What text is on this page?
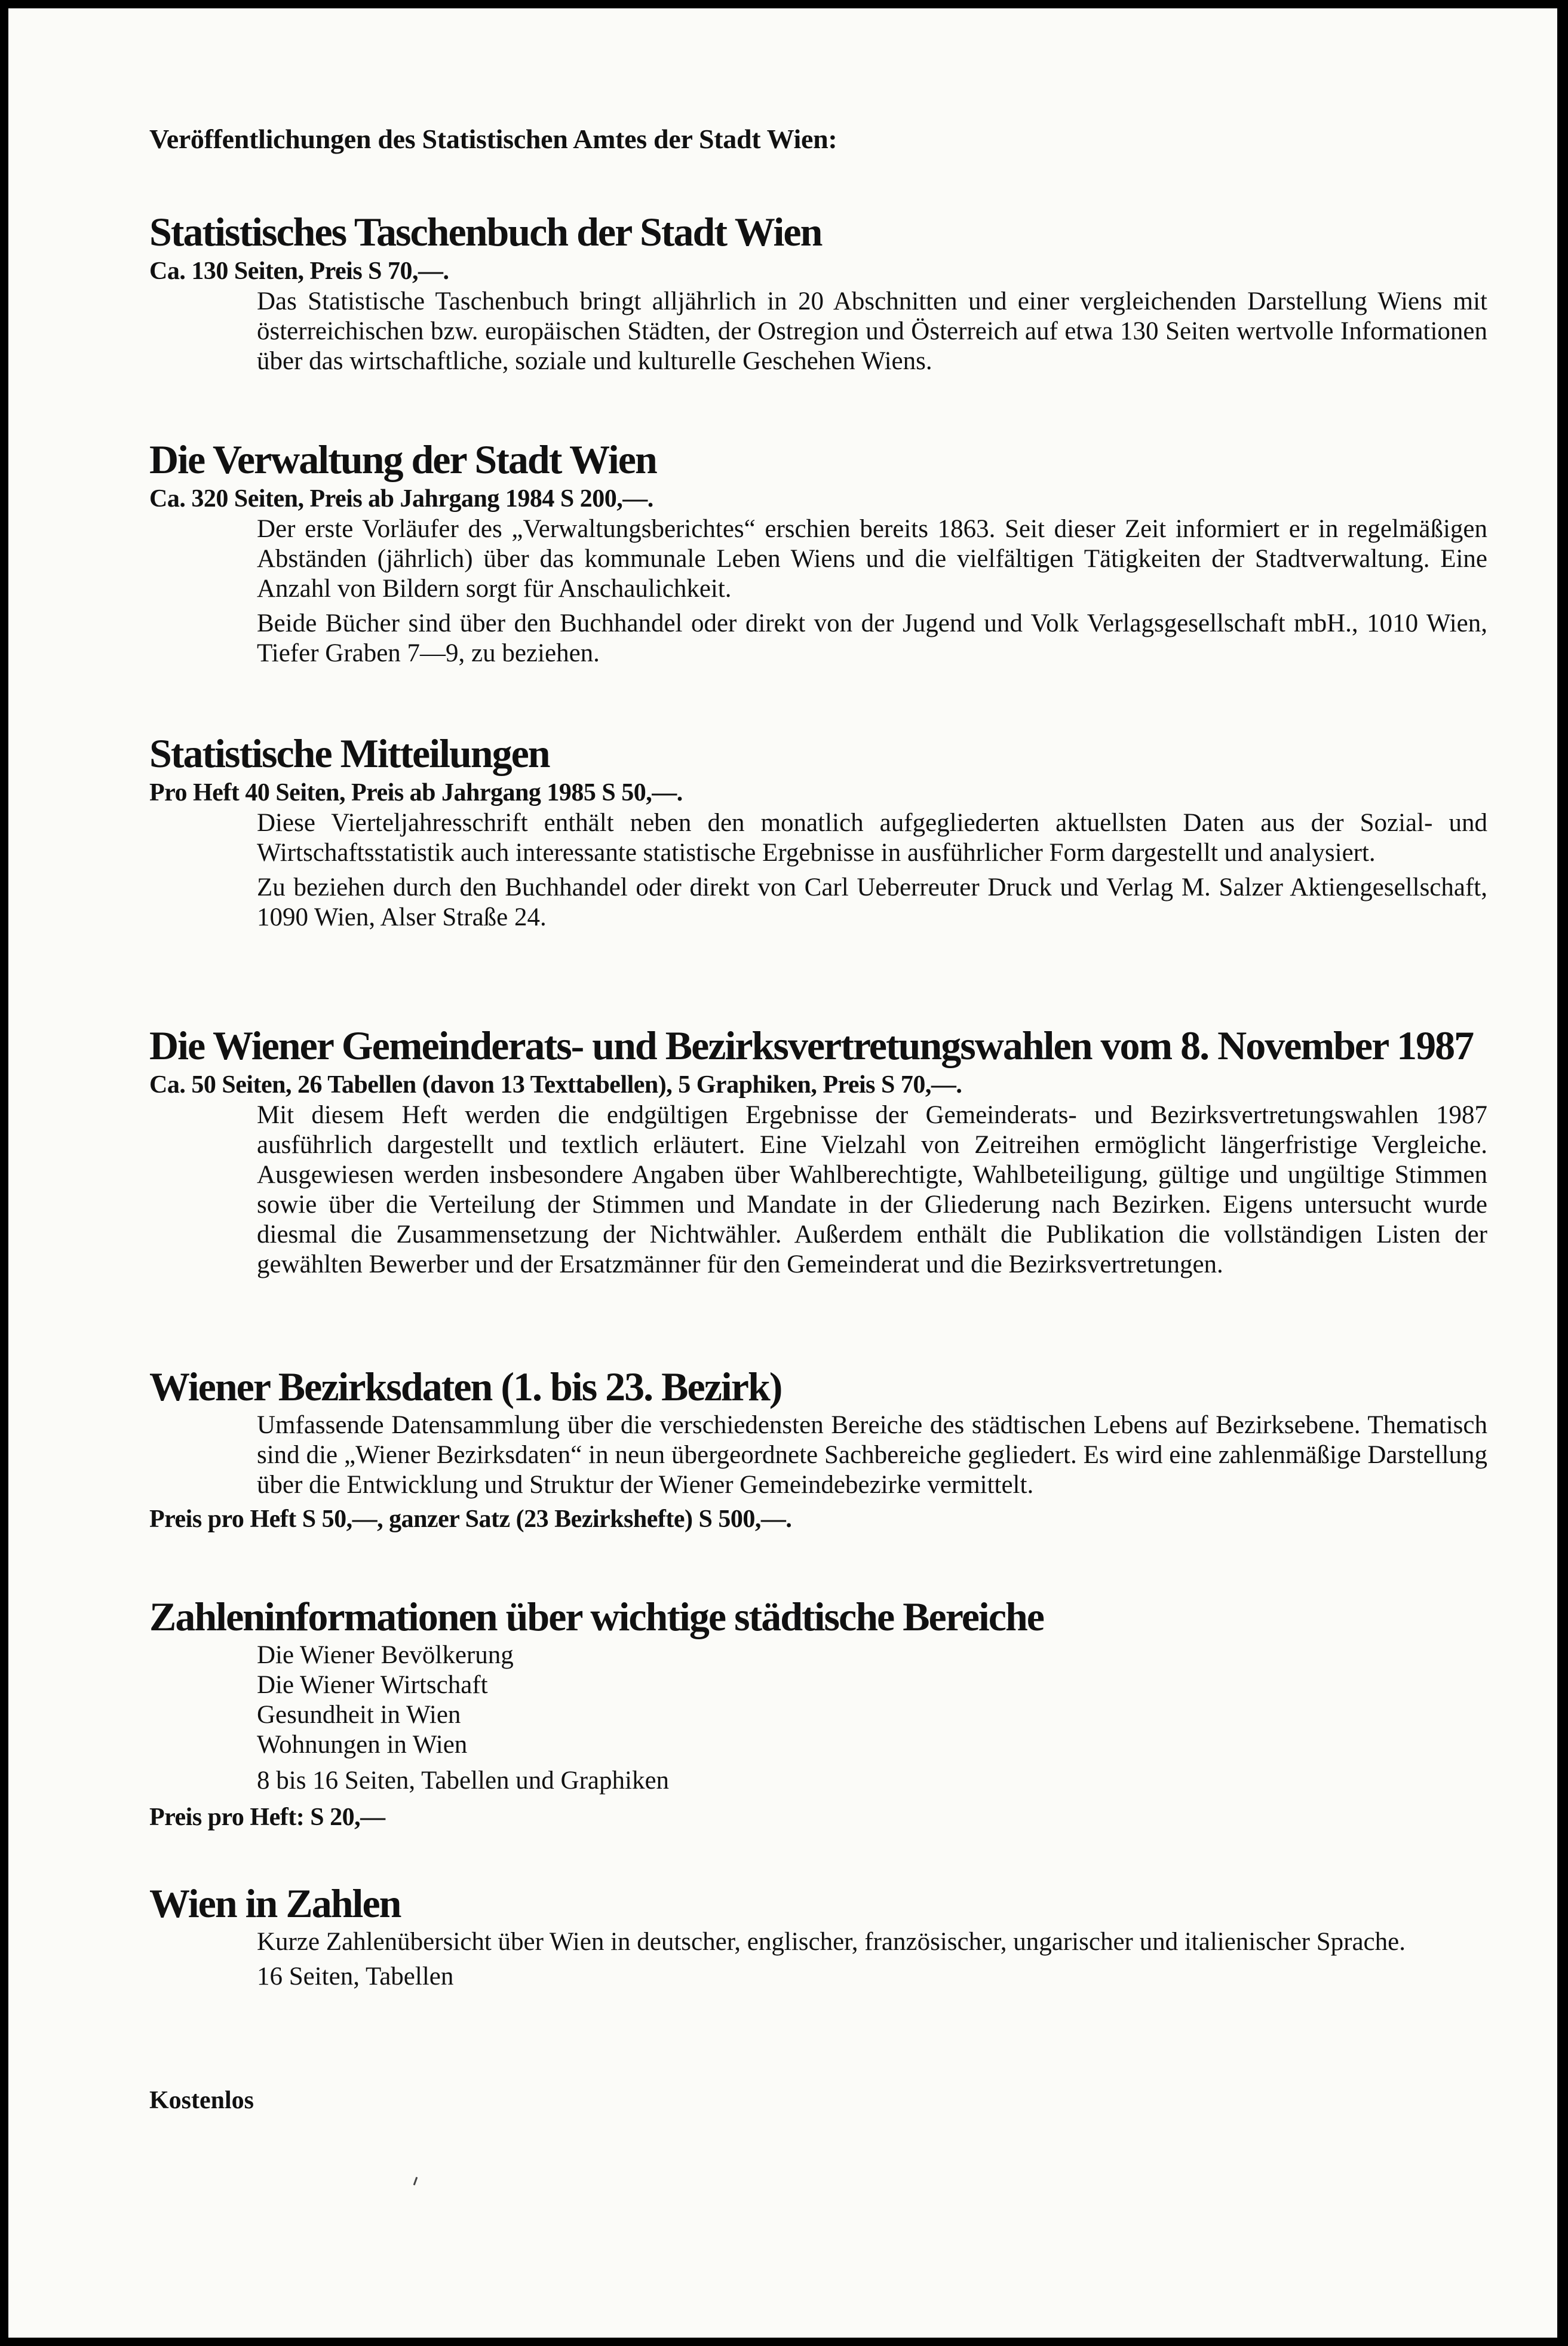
Veröffentlichungen des Statistischen Amtes der Stadt Wien:
Statistisches Taschenbuch der Stadt Wien
Ca. 130 Seiten, Preis S 70,—.

Das Statistische Taschenbuch bringt alljährlich in 20 Abschnitten und einer vergleichenden Darstellung Wiens mit österreichischen bzw. europäischen Städten, der Ostregion und Österreich auf etwa 130 Seiten wertvolle Informationen über das wirtschaftliche, soziale und kulturelle Geschehen Wiens.

Die Verwaltung der Stadt Wien
Ca. 320 Seiten, Preis ab Jahrgang 1984 S 200,—.

Der erste Vorläufer des „Verwaltungsberichtes“ erschien bereits 1863. Seit dieser Zeit informiert er in regelmäßigen Abständen (jährlich) über das kommunale Leben Wiens und die vielfältigen Tätigkeiten der Stadtverwaltung. Eine Anzahl von Bildern sorgt für Anschaulichkeit.

Beide Bücher sind über den Buchhandel oder direkt von der Jugend und Volk Verlagsgesellschaft mbH., 1010 Wien, Tiefer Graben 7—9, zu beziehen.

Statistische Mitteilungen
Pro Heft 40 Seiten, Preis ab Jahrgang 1985 S 50,—.

Diese Vierteljahresschrift enthält neben den monatlich aufgegliederten aktuellsten Daten aus der Sozial- und Wirtschaftsstatistik auch interessante statistische Ergebnisse in ausführlicher Form dargestellt und analysiert.

Zu beziehen durch den Buchhandel oder direkt von Carl Ueberreuter Druck und Verlag M. Salzer Aktiengesellschaft, 1090 Wien, Alser Straße 24.

Die Wiener Gemeinderats- und Bezirksvertretungswahlen vom 8. November 1987
Ca. 50 Seiten, 26 Tabellen (davon 13 Texttabellen), 5 Graphiken, Preis S 70,—.

Mit diesem Heft werden die endgültigen Ergebnisse der Gemeinderats- und Bezirksvertretungswahlen 1987 ausführlich dargestellt und textlich erläutert. Eine Vielzahl von Zeitreihen ermöglicht längerfristige Vergleiche. Ausgewiesen werden insbesondere Angaben über Wahlberechtigte, Wahlbeteiligung, gültige und ungültige Stimmen sowie über die Verteilung der Stimmen und Mandate in der Gliederung nach Bezirken. Eigens untersucht wurde diesmal die Zusammensetzung der Nichtwähler. Außerdem enthält die Publikation die vollständigen Listen der gewählten Bewerber und der Ersatzmänner für den Gemeinderat und die Bezirksvertretungen.

Wiener Bezirksdaten (1. bis 23. Bezirk)

Umfassende Datensammlung über die verschiedensten Bereiche des städtischen Lebens auf Bezirksebene. Thematisch sind die „Wiener Bezirksdaten“ in neun übergeordnete Sachbereiche gegliedert. Es wird eine zahlenmäßige Darstellung über die Entwicklung und Struktur der Wiener Gemeindebezirke vermittelt.

Preis pro Heft S 50,—, ganzer Satz (23 Bezirkshefte) S 500,—.
Zahleninformationen über wichtige städtische Bereiche
Die Wiener Bevölkerung
Die Wiener Wirtschaft
Gesundheit in Wien
Wohnungen in Wien
8 bis 16 Seiten, Tabellen und Graphiken
Preis pro Heft: S 20,—
Wien in Zahlen

Kurze Zahlenübersicht über Wien in deutscher, englischer, französischer, ungarischer und italienischer Sprache.

16 Seiten, Tabellen

Kostenlos
